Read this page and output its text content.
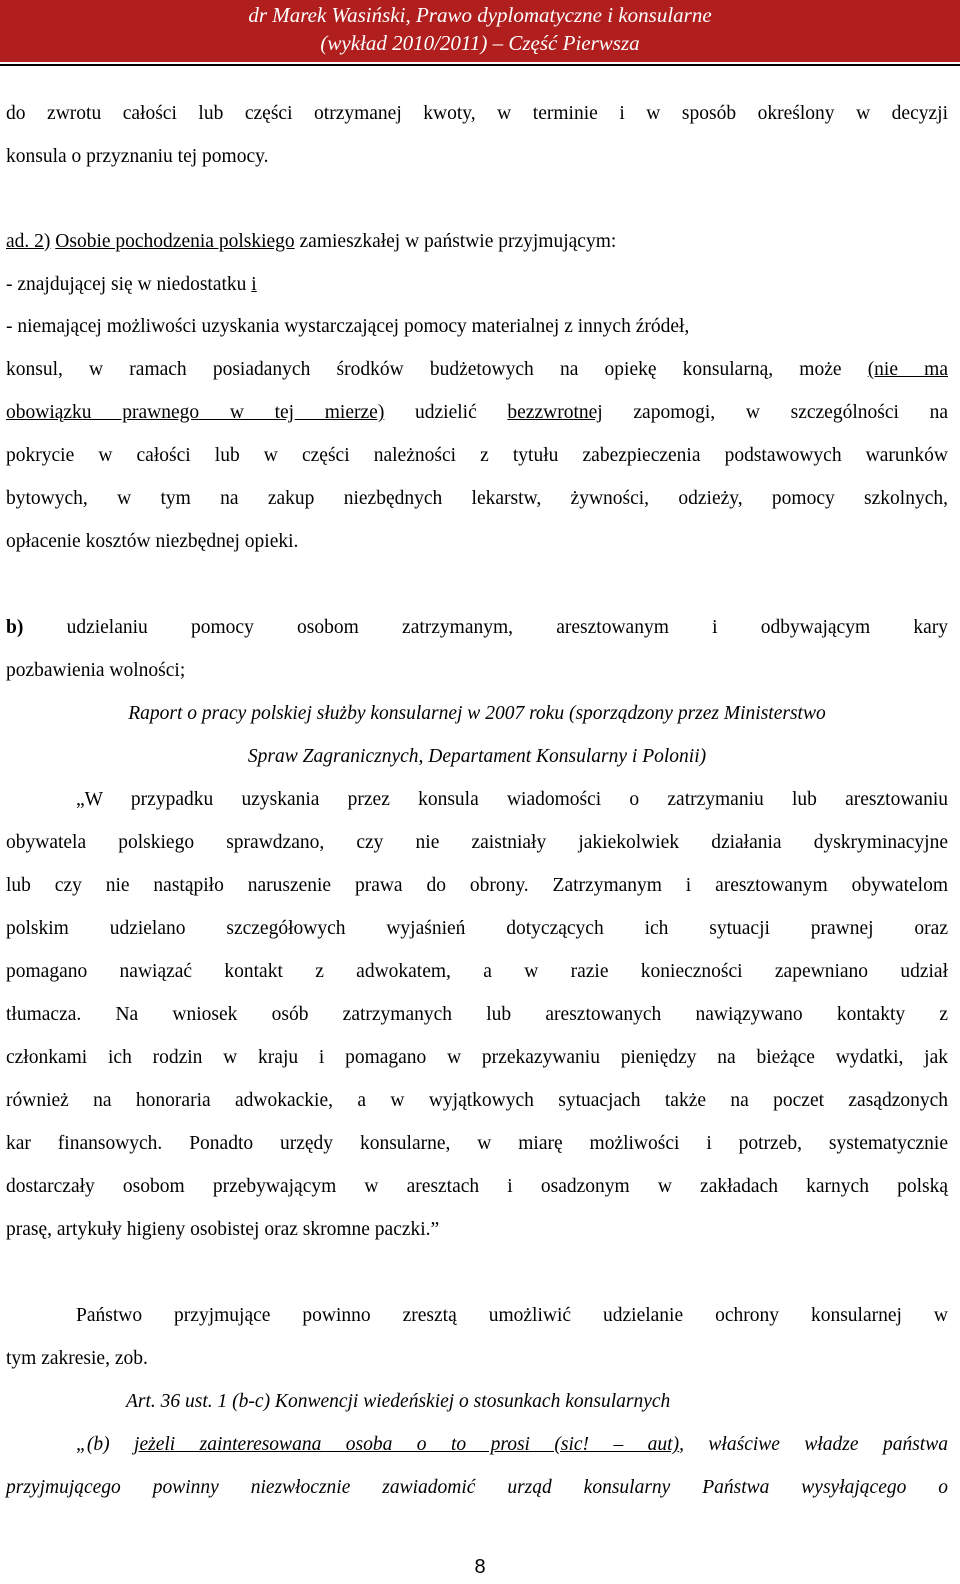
dr Marek Wasiński, Prawo dyplomatyczne i konsularne
(wykład 2010/2011) – Część Pierwsza
do zwrotu całości lub części otrzymanej kwoty, w terminie i w sposób określony w decyzji
konsula o przyznaniu tej pomocy.
ad. 2) Osobie pochodzenia polskiego zamieszkałej w państwie przyjmującym:
- znajdującej się w niedostatku i
- niemającej możliwości uzyskania wystarczającej pomocy materialnej z innych źródeł,
konsul, w ramach posiadanych środków budżetowych na opiekę konsularną, może (nie ma
obowiązku prawnego w tej mierze) udzielić bezzwrotnej zapomogi, w szczególności na
pokrycie w całości lub w części należności z tytułu zabezpieczenia podstawowych warunków
bytowych, w tym na zakup niezbędnych lekarstw, żywności, odzieży, pomocy szkolnych,
opłacenie kosztów niezbędnej opieki.
b) udzielaniu pomocy osobom zatrzymanym, aresztowanym i odbywającym kary
pozbawienia wolności;
Raport o pracy polskiej służby konsularnej w 2007 roku (sporządzony przez Ministerstwo
Spraw Zagranicznych, Departament Konsularny i Polonii)
„W przypadku uzyskania przez konsula wiadomości o zatrzymaniu lub aresztowaniu
obywatela polskiego sprawdzano, czy nie zaistniały jakiekolwiek działania dyskryminacyjne
lub czy nie nastąpiło naruszenie prawa do obrony. Zatrzymanym i aresztowanym obywatelom
polskim udzielano szczegółowych wyjaśnień dotyczących ich sytuacji prawnej oraz
pomagano nawiązać kontakt z adwokatem, a w razie konieczności zapewniano udział
tłumacza. Na wniosek osób zatrzymanych lub aresztowanych nawiązywano kontakty z
członkami ich rodzin w kraju i pomagano w przekazywaniu pieniędzy na bieżące wydatki, jak
również na honoraria adwokackie, a w wyjątkowych sytuacjach także na poczet zasądzonych
kar finansowych. Ponadto urzędy konsularne, w miarę możliwości i potrzeb, systematycznie
dostarczały osobom przebywającym w aresztach i osadzonym w zakładach karnych polską
prasę, artykuły higieny osobistej oraz skromne paczki.”
Państwo przyjmujące powinno zresztą umożliwić udzielanie ochrony konsularnej w
tym zakresie, zob.
Art. 36 ust. 1 (b-c) Konwencji wiedeńskiej o stosunkach konsularnych
„(b) jeżeli zainteresowana osoba o to prosi (sic! – aut), właściwe władze państwa
przyjmującego powinny niezwłocznie zawiadomić urząd konsularny Państwa wysyłającego o
8
